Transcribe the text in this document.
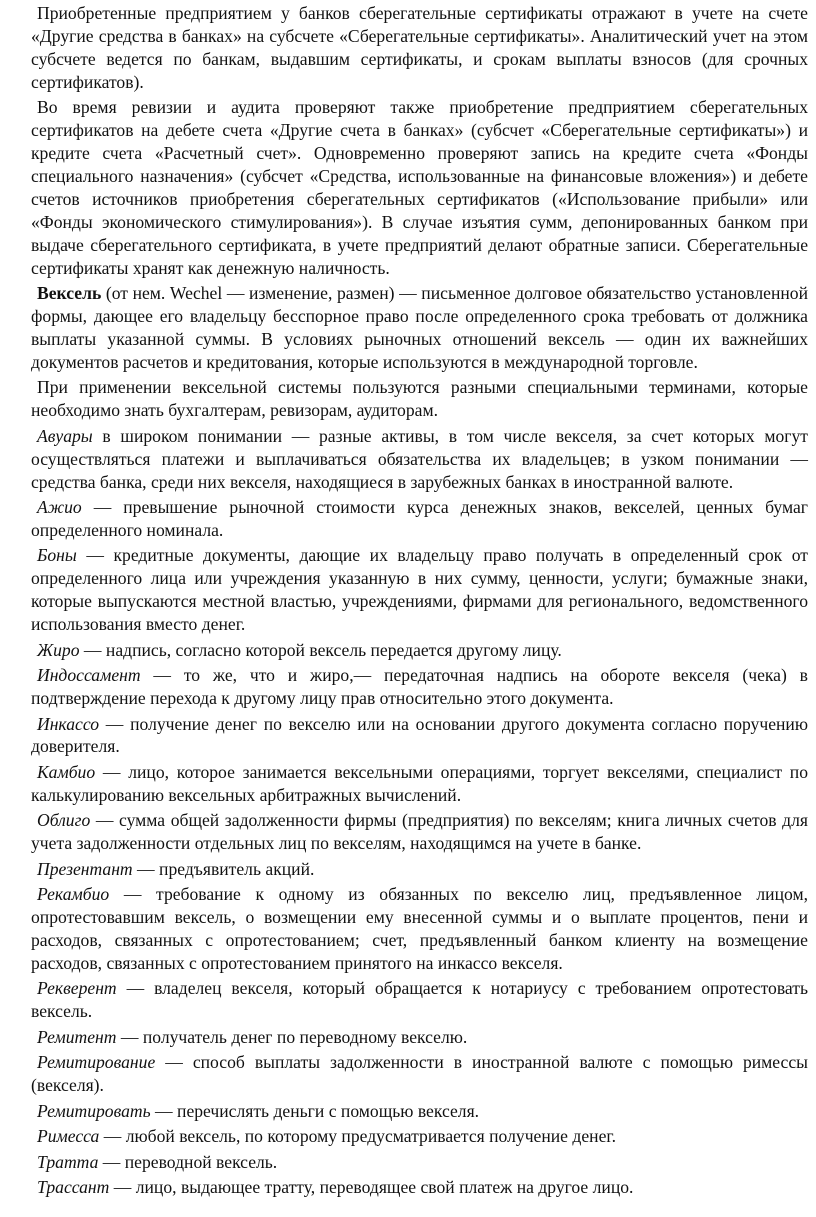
Приобретенные предприятием у банков сберегательные сертификаты отражают в учете на счете «Другие средства в банках» на субсчете «Сберегательные сертификаты». Аналитический учет на этом субсчете ведется по банкам, выдавшим сертификаты, и срокам выплаты взносов (для срочных сертификатов).

Во время ревизии и аудита проверяют также приобретение предприятием сберегательных сертификатов на дебете счета «Другие счета в банках» (субсчет «Сберегательные сертификаты») и кредите счета «Расчетный счет». Одновременно проверяют запись на кредите счета «Фонды специального назначения» (субсчет «Средства, использованные на финансовые вложения») и дебете счетов источников приобретения сберегательных сертификатов («Использование прибыли» или «Фонды экономического стимулирования»). В случае изъятия сумм, депонированных банком при выдаче сберегательного сертификата, в учете предприятий делают обратные записи. Сберегательные сертификаты хранят как денежную наличность.

Вексель (от нем. Wechel — изменение, размен) — письменное долговое обязательство установленной формы, дающее его владельцу бесспорное право после определенного срока требовать от должника выплаты указанной суммы. В условиях рыночных отношений вексель — один их важнейших документов расчетов и кредитования, которые используются в международной торговле.

При применении вексельной системы пользуются разными специальными терминами, которые необходимо знать бухгалтерам, ревизорам, аудиторам.

Авуары в широком понимании — разные активы, в том числе векселя, за счет которых могут осуществляться платежи и выплачиваться обязательства их владельцев; в узком понимании — средства банка, среди них векселя, находящиеся в зарубежных банках в иностранной валюте.

Ажио — превышение рыночной стоимости курса денежных знаков, векселей, ценных бумаг определенного номинала.

Боны — кредитные документы, дающие их владельцу право получать в определенный срок от определенного лица или учреждения указанную в них сумму, ценности, услуги; бумажные знаки, которые выпускаются местной властью, учреждениями, фирмами для регионального, ведомственного использования вместо денег.

Жиро — надпись, согласно которой вексель передается другому лицу.

Индоссамент — то же, что и жиро,— передаточная надпись на обороте векселя (чека) в подтверждение перехода к другому лицу прав относительно этого документа.

Инкассо — получение денег по векселю или на основании другого документа согласно поручению доверителя.

Камбио — лицо, которое занимается вексельными операциями, торгует векселями, специалист по калькулированию вексельных арбитражных вычислений.

Облиго — сумма общей задолженности фирмы (предприятия) по векселям; книга личных счетов для учета задолженности отдельных лиц по векселям, находящимся на учете в банке.

Презентант — предъявитель акций.

Рекамбио — требование к одному из обязанных по векселю лиц, предъявленное лицом, опротестовавшим вексель, о возмещении ему внесенной суммы и о выплате процентов, пени и расходов, связанных с опротестованием; счет, предъявленный банком клиенту на возмещение расходов, связанных с опротестованием принятого на инкассо векселя.

Рекверент — владелец векселя, который обращается к нотариусу с требованием опротестовать вексель.

Ремитент — получатель денег по переводному векселю.

Ремитирование — способ выплаты задолженности в иностранной валюте с помощью римессы (векселя).

Ремитировать — перечислять деньги с помощью векселя.

Римесса — любой вексель, по которому предусматривается получение денег.

Тратта — переводной вексель.

Трассант — лицо, выдающее тратту, переводящее свой платеж на другое лицо.
